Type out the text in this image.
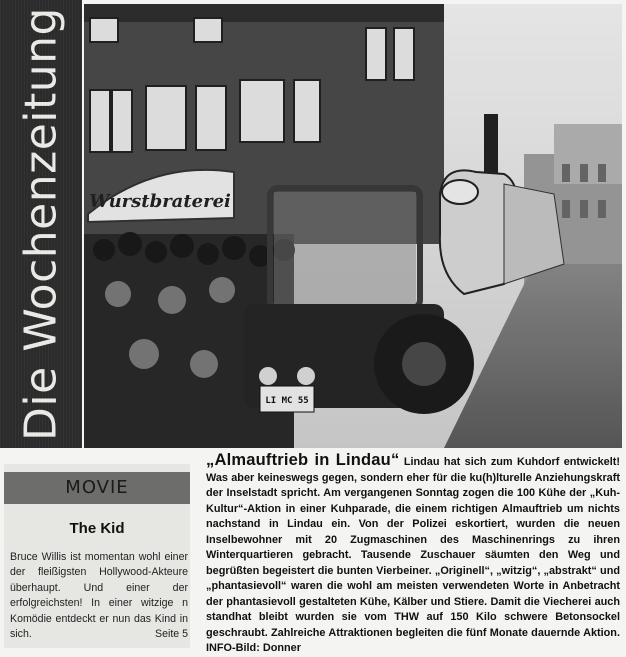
Die Wochenzeitung Wurstbraterei
LI MC 55
MOVIE
The Kid
Bruce Willis ist momentan wohl einer der fleißigsten Hollywood-Akteure überhaupt. Und einer der erfolgreichsten! In einer witzige n Komödie entdeckt er nun das Kind in sich.	Seite 5
„Almauftrieb in Lindau“ Lindau hat sich zum Kuhdorf entwickelt! Was aber keineswegs gegen, sondern eher für die ku(h)lturelle Anziehungskraft der Inselstadt spricht. Am vergangenen Sonntag zogen die 100 Kühe der „Kuh-Kultur“-Aktion in einer Kuhparade, die einem richtigen Almauftrieb um nichts nachstand in Lindau ein. Von der Polizei eskortiert, wurden die neuen Inselbewohner mit 20 Zugmaschinen des Maschinenrings zu ihren Winterquartieren gebracht. Tausende Zuschauer säumten den Weg und begrüßten begeistert die bunten Vierbeiner. „Originell“, „witzig“, „abstrakt“ und „phantasievoll“ waren die wohl am meisten verwendeten Worte in Anbetracht der phantasievoll gestalteten Kühe, Kälber und Stiere. Damit die Viecherei auch standhat bleibt wurden sie vom THW auf 150 Kilo schwere Betonsockel geschraubt. Zahlreiche Attraktionen begleiten die fünf Monate dauernde Aktion. INFO-Bild: Donner
